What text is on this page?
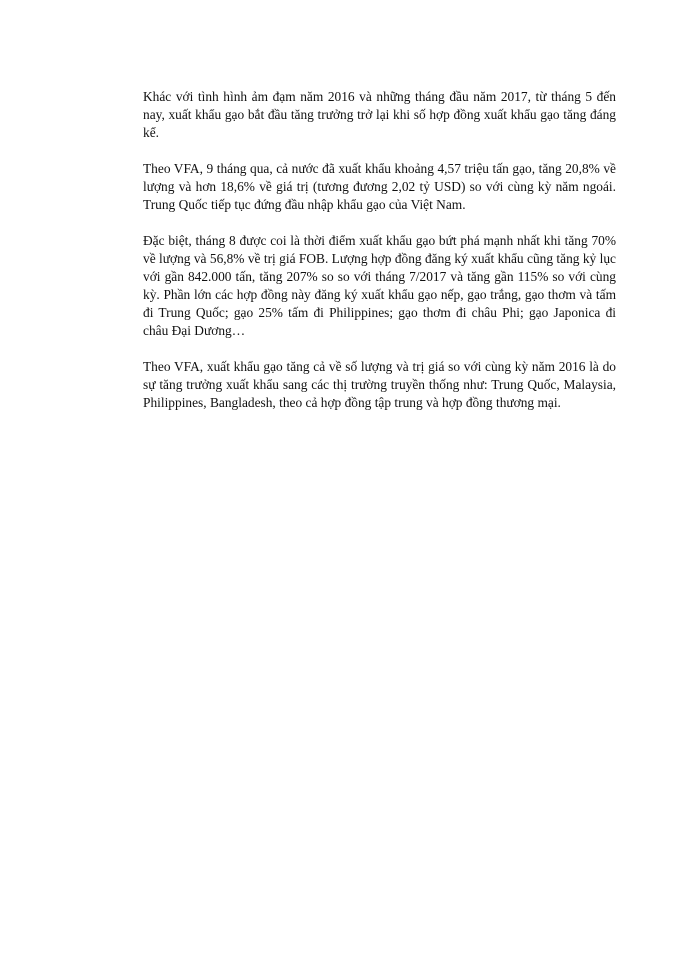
Khác với tình hình ảm đạm năm 2016 và những tháng đầu năm 2017, từ tháng 5 đến nay, xuất khẩu gạo bắt đầu tăng trưởng trở lại khi số hợp đồng xuất khẩu gạo tăng đáng kể.

Theo VFA, 9 tháng qua, cả nước đã xuất khẩu khoảng 4,57 triệu tấn gạo, tăng 20,8% về lượng và hơn 18,6% về giá trị (tương đương 2,02 tỷ USD) so với cùng kỳ năm ngoái. Trung Quốc tiếp tục đứng đầu nhập khẩu gạo của Việt Nam.

Đặc biệt, tháng 8 được coi là thời điểm xuất khẩu gạo bứt phá mạnh nhất khi tăng 70% về lượng và 56,8% về trị giá FOB. Lượng hợp đồng đăng ký xuất khẩu cũng tăng kỷ lục với gần 842.000 tấn, tăng 207% so so với tháng 7/2017 và tăng gần 115% so với cùng kỳ. Phần lớn các hợp đồng này đăng ký xuất khẩu gạo nếp, gạo trắng, gạo thơm và tấm đi Trung Quốc; gạo 25% tấm đi Philippines; gạo thơm đi châu Phi; gạo Japonica đi châu Đại Dương…

Theo VFA, xuất khẩu gạo tăng cả về số lượng và trị giá so với cùng kỳ năm 2016 là do sự tăng trưởng xuất khẩu sang các thị trường truyền thống như: Trung Quốc, Malaysia, Philippines, Bangladesh, theo cả hợp đồng tập trung và hợp đồng thương mại.
